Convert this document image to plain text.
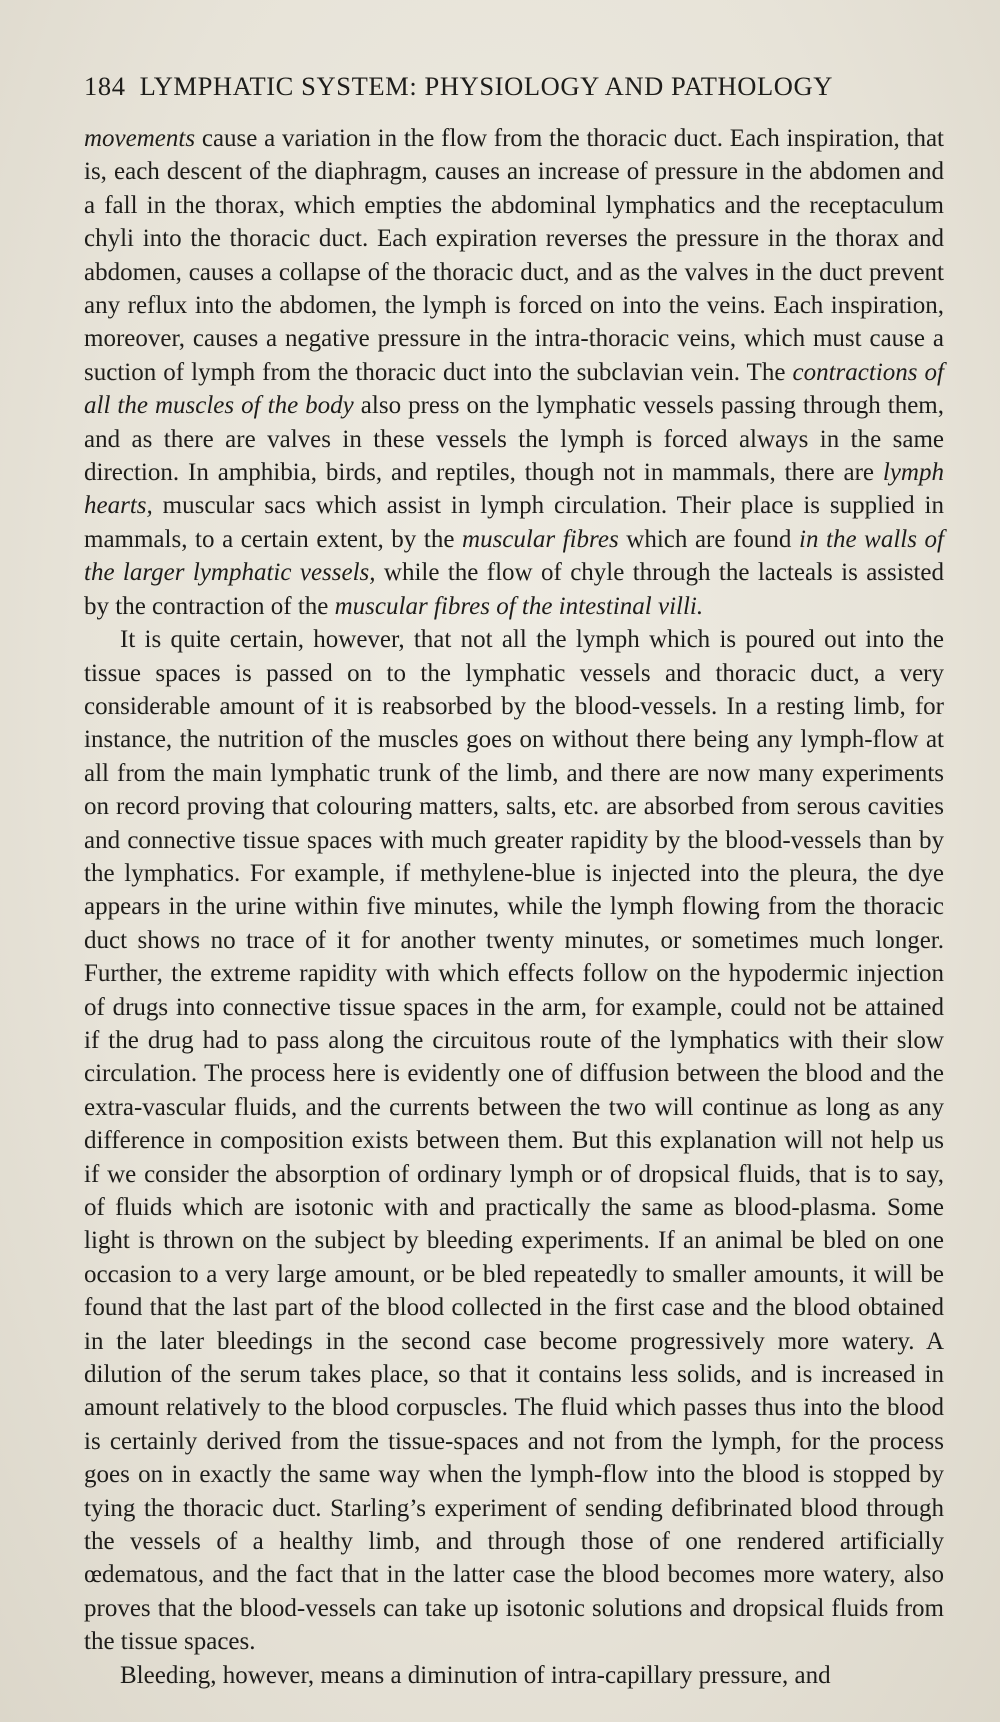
184 LYMPHATIC SYSTEM: PHYSIOLOGY AND PATHOLOGY

movements cause a variation in the flow from the thoracic duct. Each inspiration, that is, each descent of the diaphragm, causes an increase of pressure in the abdomen and a fall in the thorax, which empties the abdominal lymphatics and the receptaculum chyli into the thoracic duct. Each expiration reverses the pressure in the thorax and abdomen, causes a collapse of the thoracic duct, and as the valves in the duct prevent any reflux into the abdomen, the lymph is forced on into the veins. Each inspiration, moreover, causes a negative pressure in the intra-thoracic veins, which must cause a suction of lymph from the thoracic duct into the subclavian vein. The contractions of all the muscles of the body also press on the lymphatic vessels passing through them, and as there are valves in these vessels the lymph is forced always in the same direction. In amphibia, birds, and reptiles, though not in mammals, there are lymph hearts, muscular sacs which assist in lymph circulation. Their place is supplied in mammals, to a certain extent, by the muscular fibres which are found in the walls of the larger lymphatic vessels, while the flow of chyle through the lacteals is assisted by the contraction of the muscular fibres of the intestinal villi.

It is quite certain, however, that not all the lymph which is poured out into the tissue spaces is passed on to the lymphatic vessels and thoracic duct, a very considerable amount of it is reabsorbed by the blood-vessels. In a resting limb, for instance, the nutrition of the muscles goes on without there being any lymph-flow at all from the main lymphatic trunk of the limb, and there are now many experiments on record proving that colouring matters, salts, etc. are absorbed from serous cavities and connective tissue spaces with much greater rapidity by the blood-vessels than by the lymphatics. For example, if methylene-blue is injected into the pleura, the dye appears in the urine within five minutes, while the lymph flowing from the thoracic duct shows no trace of it for another twenty minutes, or sometimes much longer. Further, the extreme rapidity with which effects follow on the hypodermic injection of drugs into connective tissue spaces in the arm, for example, could not be attained if the drug had to pass along the circuitous route of the lymphatics with their slow circulation. The process here is evidently one of diffusion between the blood and the extra-vascular fluids, and the currents between the two will continue as long as any difference in composition exists between them. But this explanation will not help us if we consider the absorption of ordinary lymph or of dropsical fluids, that is to say, of fluids which are isotonic with and practically the same as blood-plasma. Some light is thrown on the subject by bleeding experiments. If an animal be bled on one occasion to a very large amount, or be bled repeatedly to smaller amounts, it will be found that the last part of the blood collected in the first case and the blood obtained in the later bleedings in the second case become progressively more watery. A dilution of the serum takes place, so that it contains less solids, and is increased in amount relatively to the blood corpuscles. The fluid which passes thus into the blood is certainly derived from the tissue-spaces and not from the lymph, for the process goes on in exactly the same way when the lymph-flow into the blood is stopped by tying the thoracic duct. Starling’s experiment of sending defibrinated blood through the vessels of a healthy limb, and through those of one rendered artificially œdematous, and the fact that in the latter case the blood becomes more watery, also proves that the blood-vessels can take up isotonic solutions and dropsical fluids from the tissue spaces.

Bleeding, however, means a diminution of intra-capillary pressure, and
